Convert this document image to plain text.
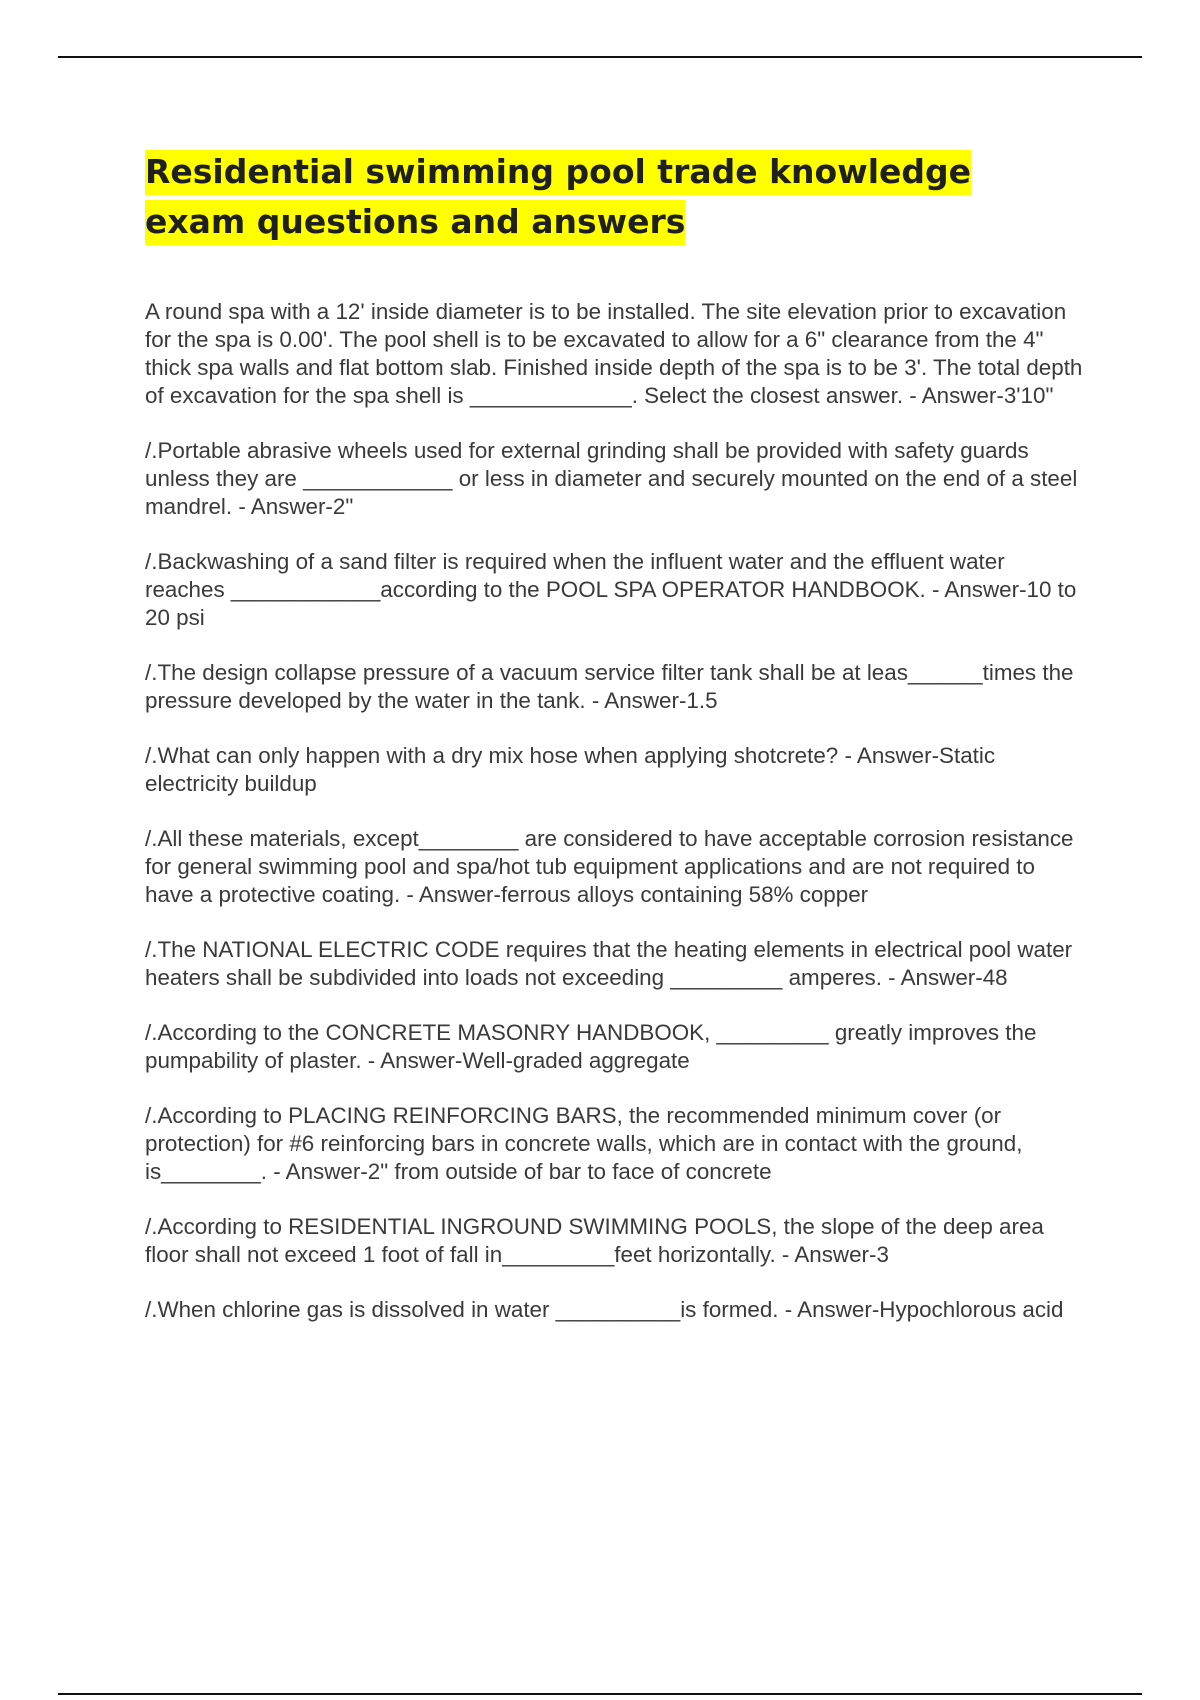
Residential swimming pool trade knowledge exam questions and answers

A round spa with a 12' inside diameter is to be installed. The site elevation prior to excavation for the spa is 0.00'. The pool shell is to be excavated to allow for a 6" clearance from the 4" thick spa walls and flat bottom slab. Finished inside depth of the spa is to be 3'. The total depth of excavation for the spa shell is _____________. Select the closest answer. - Answer-3'10"

/.Portable abrasive wheels used for external grinding shall be provided with safety guards unless they are ____________ or less in diameter and securely mounted on the end of a steel mandrel. - Answer-2"

/.Backwashing of a sand filter is required when the influent water and the effluent water reaches ____________according to the POOL SPA OPERATOR HANDBOOK. - Answer-10 to 20 psi

/.The design collapse pressure of a vacuum service filter tank shall be at leas______times the pressure developed by the water in the tank. - Answer-1.5

/.What can only happen with a dry mix hose when applying shotcrete? - Answer-Static electricity buildup

/.All these materials, except________ are considered to have acceptable corrosion resistance for general swimming pool and spa/hot tub equipment applications and are not required to have a protective coating. - Answer-ferrous alloys containing 58% copper

/.The NATIONAL ELECTRIC CODE requires that the heating elements in electrical pool water heaters shall be subdivided into loads not exceeding _________ amperes. - Answer-48

/.According to the CONCRETE MASONRY HANDBOOK, _________ greatly improves the pumpability of plaster. - Answer-Well-graded aggregate

/.According to PLACING REINFORCING BARS, the recommended minimum cover (or protection) for #6 reinforcing bars in concrete walls, which are in contact with the ground, is________. - Answer-2" from outside of bar to face of concrete

/.According to RESIDENTIAL INGROUND SWIMMING POOLS, the slope of the deep area floor shall not exceed 1 foot of fall in_________feet horizontally. - Answer-3

/.When chlorine gas is dissolved in water __________is formed. - Answer-Hypochlorous acid
